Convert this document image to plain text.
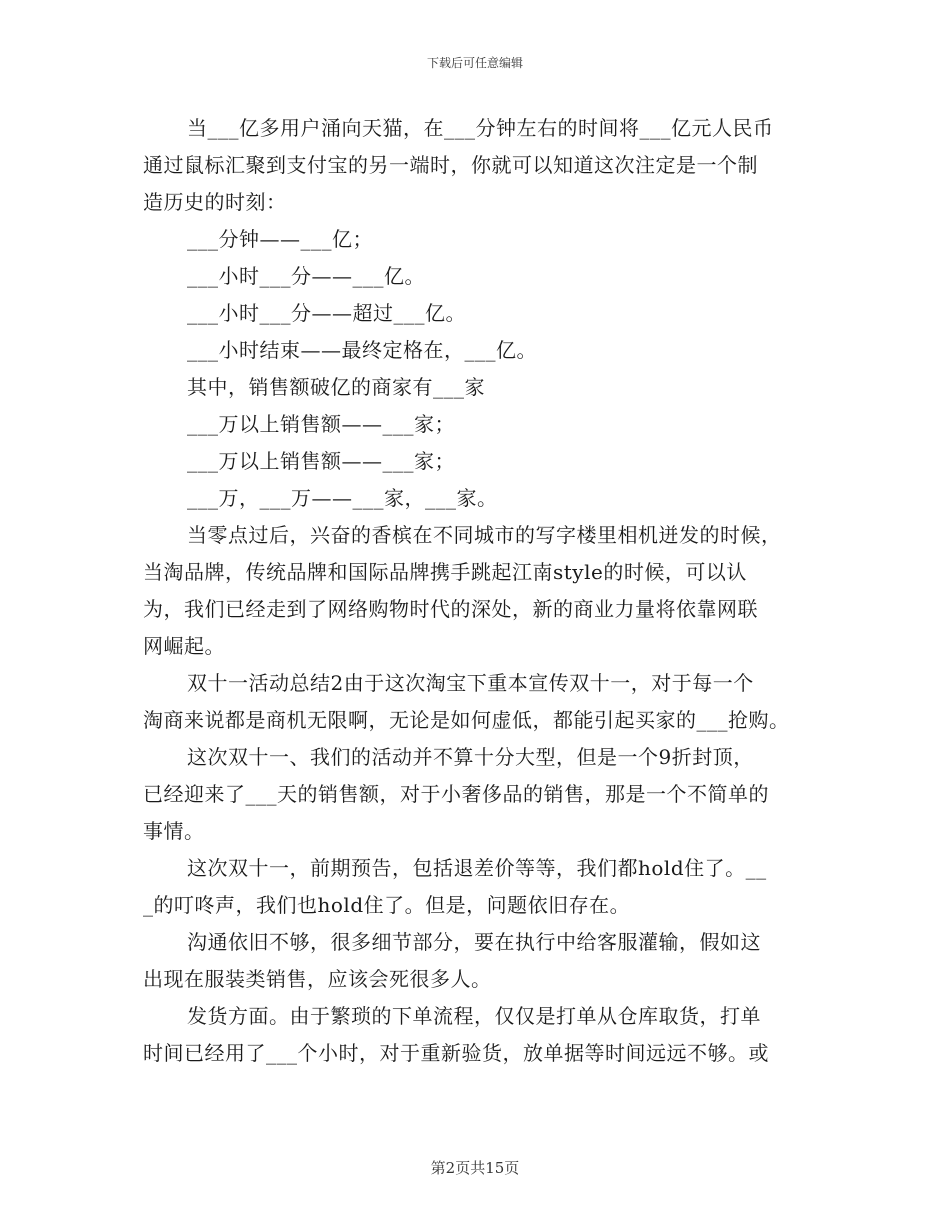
下载后可任意编辑
当___亿多用户涌向天猫，在___分钟左右的时间将___亿元人民币
通过鼠标汇聚到支付宝的另一端时，你就可以知道这次注定是一个制
造历史的时刻：
___分钟——___亿；
___小时___分——___亿。
___小时___分——超过___亿。
___小时结束——最终定格在，___亿。
其中，销售额破亿的商家有___家
___万以上销售额——___家；
___万以上销售额——___家；
___万，___万——___家，___家。
当零点过后，兴奋的香槟在不同城市的写字楼里相机迸发的时候，
当淘品牌，传统品牌和国际品牌携手跳起江南style的时候，可以认
为，我们已经走到了网络购物时代的深处，新的商业力量将依靠网联
网崛起。
双十一活动总结2由于这次淘宝下重本宣传双十一，对于每一个
淘商来说都是商机无限啊，无论是如何虚低，都能引起买家的___抢购。
这次双十一、我们的活动并不算十分大型，但是一个9折封顶，
已经迎来了___天的销售额，对于小奢侈品的销售，那是一个不简单的
事情。
这次双十一，前期预告，包括退差价等等，我们都hold住了。__
_的叮咚声，我们也hold住了。但是，问题依旧存在。
沟通依旧不够，很多细节部分，要在执行中给客服灌输，假如这
出现在服装类销售，应该会死很多人。
发货方面。由于繁琐的下单流程，仅仅是打单从仓库取货，打单
时间已经用了___个小时，对于重新验货，放单据等时间远远不够。或
第2页共15页
